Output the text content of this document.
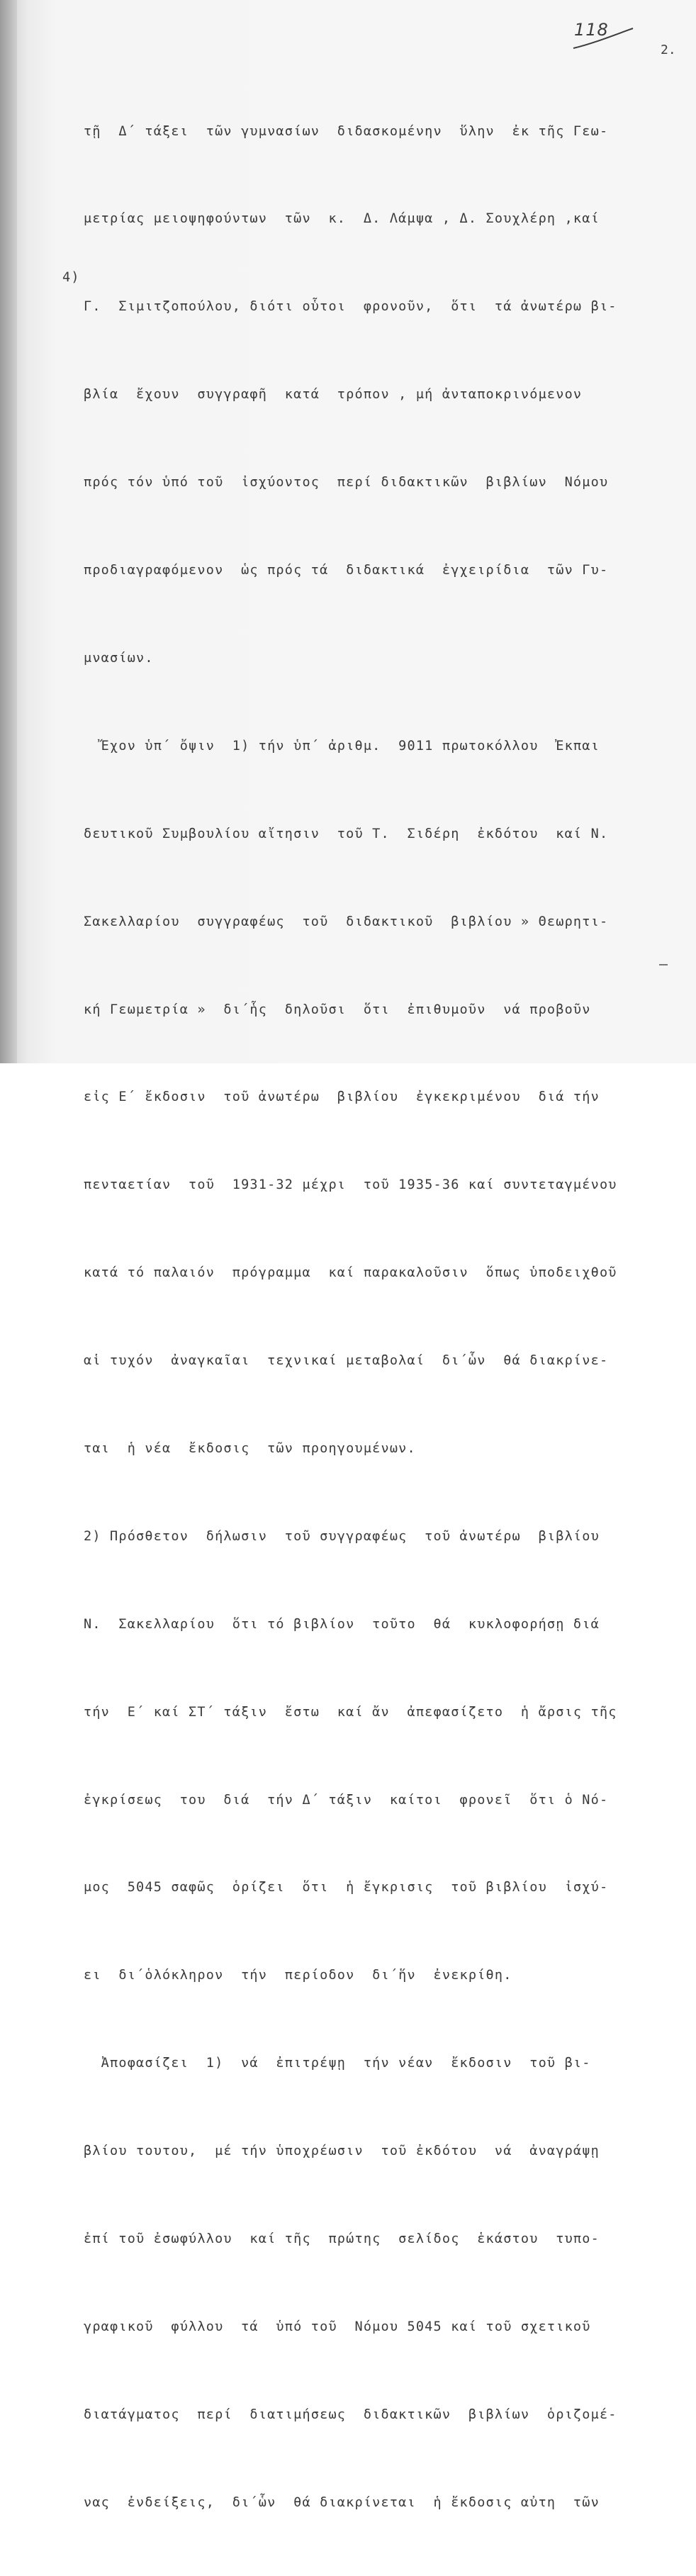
118
2.

τῇ  Δ΄ τάξει  τῶν γυμνασίων  διδασκομένην  ὕλην  ἐκ τῆς Γεω-

μετρίας μειοψηφούντων  τῶν  κ.  Δ. Λάμψα , Δ. Σουχλέρη ,καί

Γ.  Σιμιτζοπούλου, διότι οὗτοι  φρονοῦν,  ὅτι  τά ἀνωτέρω βι-

βλία  ἔχουν  συγγραφῆ  κατά  τρόπον , μή ἀνταποκρινόμενον

πρός τόν ὑπό τοῦ  ἰσχύοντος  περί διδακτικῶν  βιβλίων  Νόμου

προδιαγραφόμενον  ὡς πρός τά  διδακτικά  ἐγχειρίδια  τῶν Γυ-

μνασίων.

Ἔχον ὑπ΄ ὄψιν  1) τήν ὑπ΄ ἀριθμ.  9011 πρωτοκόλλου  Ἐκπαι

δευτικοῦ Συμβουλίου αἴτησιν  τοῦ Τ.  Σιδέρη  ἐκδότου  καί Ν.

Σακελλαρίου  συγγραφέως  τοῦ  διδακτικοῦ  βιβλίου » Θεωρητι-

κή Γεωμετρία »  δι΄ἧς  δηλοῦσι  ὅτι  ἐπιθυμοῦν  νά προβοῦν

εἰς Ε΄ ἔκδοσιν  τοῦ ἀνωτέρω  βιβλίου  ἐγκεκριμένου  διά τήν

πενταετίαν  τοῦ  1931-32 μέχρι  τοῦ 1935-36 καί συντεταγμένου

κατά τό παλαιόν  πρόγραμμα  καί παρακαλοῦσιν  ὅπως ὑποδειχθοῦ

αἱ τυχόν  ἀναγκαῖαι  τεχνικαί μεταβολαί  δι΄ὧν  θά διακρίνε-

ται  ἡ νέα  ἔκδοσις  τῶν προηγουμένων.

2) Πρόσθετον  δήλωσιν  τοῦ συγγραφέως  τοῦ ἀνωτέρω  βιβλίου

Ν.  Σακελλαρίου  ὅτι τό βιβλίον  τοῦτο  θά  κυκλοφορήσῃ διά

τήν  Ε΄ καί ΣΤ΄ τάξιν  ἔστω  καί ἄν  ἀπεφασίζετο  ἡ ἄρσις τῆς

ἐγκρίσεως  του  διά  τήν Δ΄ τάξιν  καίτοι  φρονεῖ  ὅτι ὁ Νό-

μος  5045 σαφῶς  ὁρίζει  ὅτι  ἡ ἔγκρισις  τοῦ βιβλίου  ἰσχύ-

ει  δι΄ὁλόκληρον  τήν  περίοδον  δι΄ἥν  ἐνεκρίθη.

Ἀποφασίζει  1)  νά  ἐπιτρέψῃ  τήν νέαν  ἔκδοσιν  τοῦ βι-

βλίου τουτου,  μέ τήν ὑποχρέωσιν  τοῦ ἐκδότου  νά  ἀναγράψῃ

ἐπί τοῦ ἐσωφύλλου  καί τῆς  πρώτης  σελίδος  ἑκάστου  τυπο-

γραφικοῦ  φύλλου  τά  ὑπό τοῦ  Νόμου 5045 καί τοῦ σχετικοῦ

διατάγματος  περί  διατιμήσεως  διδακτικῶν  βιβλίων  ὁριζομέ-

νας  ἐνδείξεις,  δι΄ὧν  θά διακρίνεται  ἡ ἔκδοσις αὐτη  τῶν

4)
